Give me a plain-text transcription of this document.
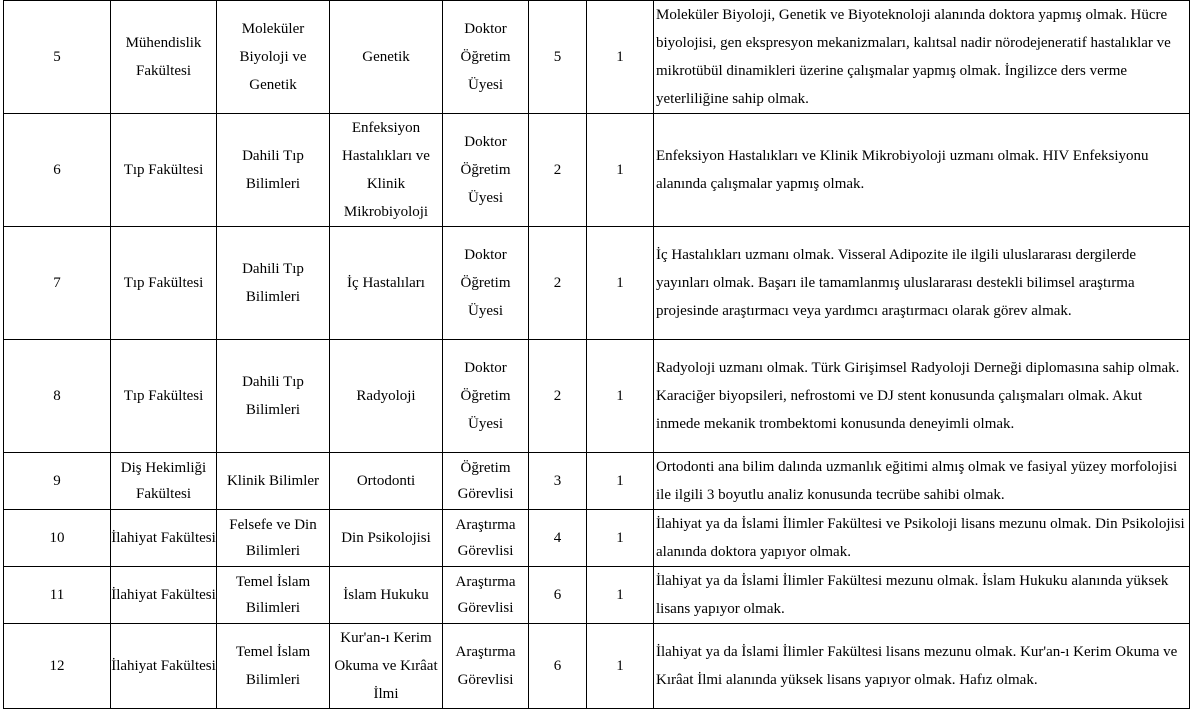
5	Mühendislik Fakültesi	Moleküler Biyoloji ve Genetik	Genetik	Doktor Öğretim Üyesi	5	1	Moleküler Biyoloji, Genetik ve Biyoteknoloji alanında doktora yapmış olmak. Hücre biyolojisi, gen ekspresyon mekanizmaları, kalıtsal nadir nörodejeneratif hastalıklar ve mikrotübül dinamikleri üzerine çalışmalar yapmış olmak. İngilizce ders verme yeterliliğine sahip olmak.
6	Tıp Fakültesi	Dahili Tıp Bilimleri	Enfeksiyon Hastalıkları ve Klinik Mikrobiyoloji	Doktor Öğretim Üyesi	2	1	Enfeksiyon Hastalıkları ve Klinik Mikrobiyoloji uzmanı olmak. HIV Enfeksiyonu alanında çalışmalar yapmış olmak.
7	Tıp Fakültesi	Dahili Tıp Bilimleri	İç Hastalıları	Doktor Öğretim Üyesi	2	1	İç Hastalıkları uzmanı olmak. Visseral Adipozite ile ilgili uluslararası dergilerde yayınları olmak. Başarı ile tamamlanmış uluslararası destekli bilimsel araştırma projesinde araştırmacı veya yardımcı araştırmacı olarak görev almak.
8	Tıp Fakültesi	Dahili Tıp Bilimleri	Radyoloji	Doktor Öğretim Üyesi	2	1	Radyoloji uzmanı olmak. Türk Girişimsel Radyoloji Derneği diplomasına sahip olmak. Karaciğer biyopsileri, nefrostomi ve DJ stent konusunda çalışmaları olmak. Akut inmede mekanik trombektomi konusunda deneyimli olmak.
9	Diş Hekimliği Fakültesi	Klinik Bilimler	Ortodonti	Öğretim Görevlisi	3	1	Ortodonti ana bilim dalında uzmanlık eğitimi almış olmak ve fasiyal yüzey morfolojisi ile ilgili 3 boyutlu analiz konusunda tecrübe sahibi olmak.
10	İlahiyat Fakültesi	Felsefe ve Din Bilimleri	Din Psikolojisi	Araştırma Görevlisi	4	1	İlahiyat ya da İslami İlimler Fakültesi ve Psikoloji lisans mezunu olmak. Din Psikolojisi alanında doktora yapıyor olmak.
11	İlahiyat Fakültesi	Temel İslam Bilimleri	İslam Hukuku	Araştırma Görevlisi	6	1	İlahiyat ya da İslami İlimler Fakültesi mezunu olmak. İslam Hukuku alanında yüksek lisans yapıyor olmak.
12	İlahiyat Fakültesi	Temel İslam Bilimleri	Kur'an-ı Kerim Okuma ve Kırâat İlmi	Araştırma Görevlisi	6	1	İlahiyat ya da İslami İlimler Fakültesi lisans mezunu olmak. Kur'an-ı Kerim Okuma ve Kırâat İlmi alanında yüksek lisans yapıyor olmak. Hafız olmak.
